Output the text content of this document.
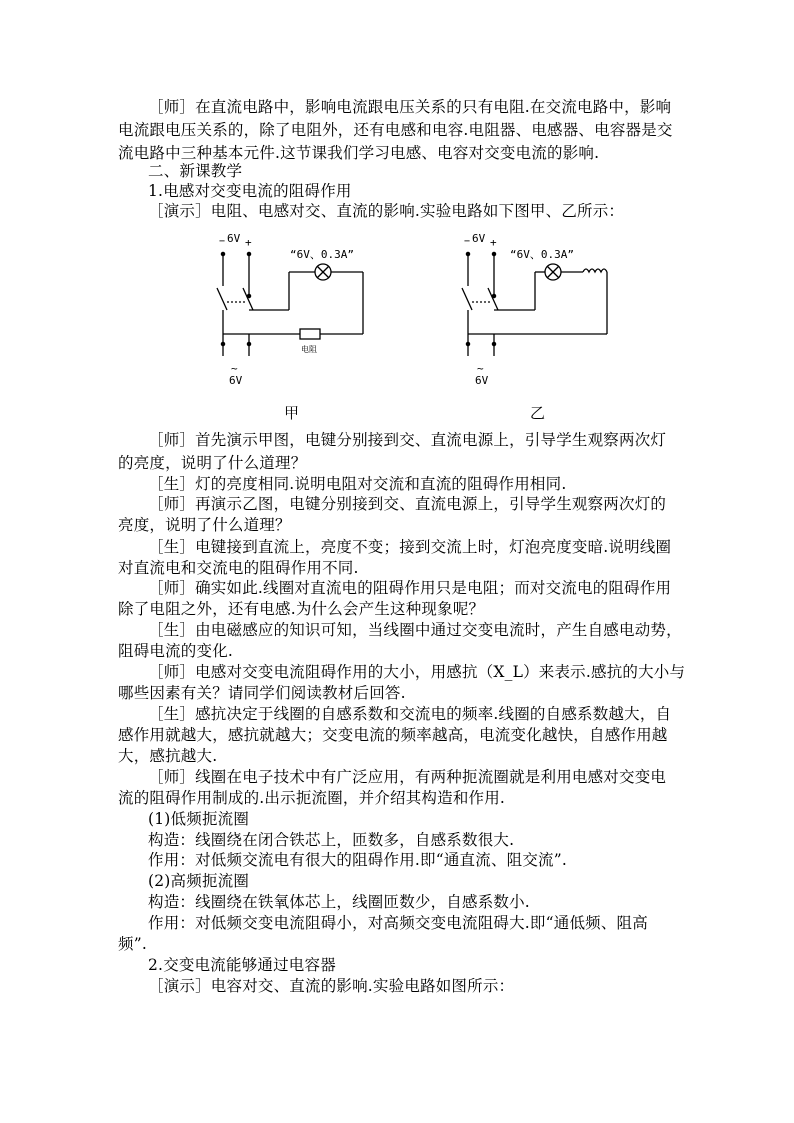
［师］在直流电路中，影响电流跟电压关系的只有电阻.在交流电路中，影响
电流跟电压关系的，除了电阻外，还有电感和电容.电阻器、电感器、电容器是交
流电路中三种基本元件.这节课我们学习电感、电容对交变电流的影响.
二、新课教学
1.电感对交变电流的阻碍作用
［演示］电阻、电感对交、直流的影响.实验电路如下图甲、乙所示：
− 6V +
“6V、0.3A”
电阻
~
6V
− 6V +
“6V、0.3A”
~
6V
甲	乙
［师］首先演示甲图，电键分别接到交、直流电源上，引导学生观察两次灯
的亮度，说明了什么道理？
［生］灯的亮度相同.说明电阻对交流和直流的阻碍作用相同.
［师］再演示乙图，电键分别接到交、直流电源上，引导学生观察两次灯的
亮度，说明了什么道理？
［生］电键接到直流上，亮度不变；接到交流上时，灯泡亮度变暗.说明线圈
对直流电和交流电的阻碍作用不同.
［师］确实如此.线圈对直流电的阻碍作用只是电阻；而对交流电的阻碍作用
除了电阻之外，还有电感.为什么会产生这种现象呢？
［生］由电磁感应的知识可知，当线圈中通过交变电流时，产生自感电动势，
阻碍电流的变化.
［师］电感对交变电流阻碍作用的大小，用感抗（X_L）来表示.感抗的大小与
哪些因素有关？请同学们阅读教材后回答.
［生］感抗决定于线圈的自感系数和交流电的频率.线圈的自感系数越大，自
感作用就越大，感抗就越大；交变电流的频率越高，电流变化越快，自感作用越
大，感抗越大.
［师］线圈在电子技术中有广泛应用，有两种扼流圈就是利用电感对交变电
流的阻碍作用制成的.出示扼流圈，并介绍其构造和作用.
(1)低频扼流圈
构造：线圈绕在闭合铁芯上，匝数多，自感系数很大.
作用：对低频交流电有很大的阻碍作用.即“通直流、阻交流”.
(2)高频扼流圈
构造：线圈绕在铁氧体芯上，线圈匝数少，自感系数小.
作用：对低频交变电流阻碍小，对高频交变电流阻碍大.即“通低频、阻高
频”.
2.交变电流能够通过电容器
［演示］电容对交、直流的影响.实验电路如图所示：
